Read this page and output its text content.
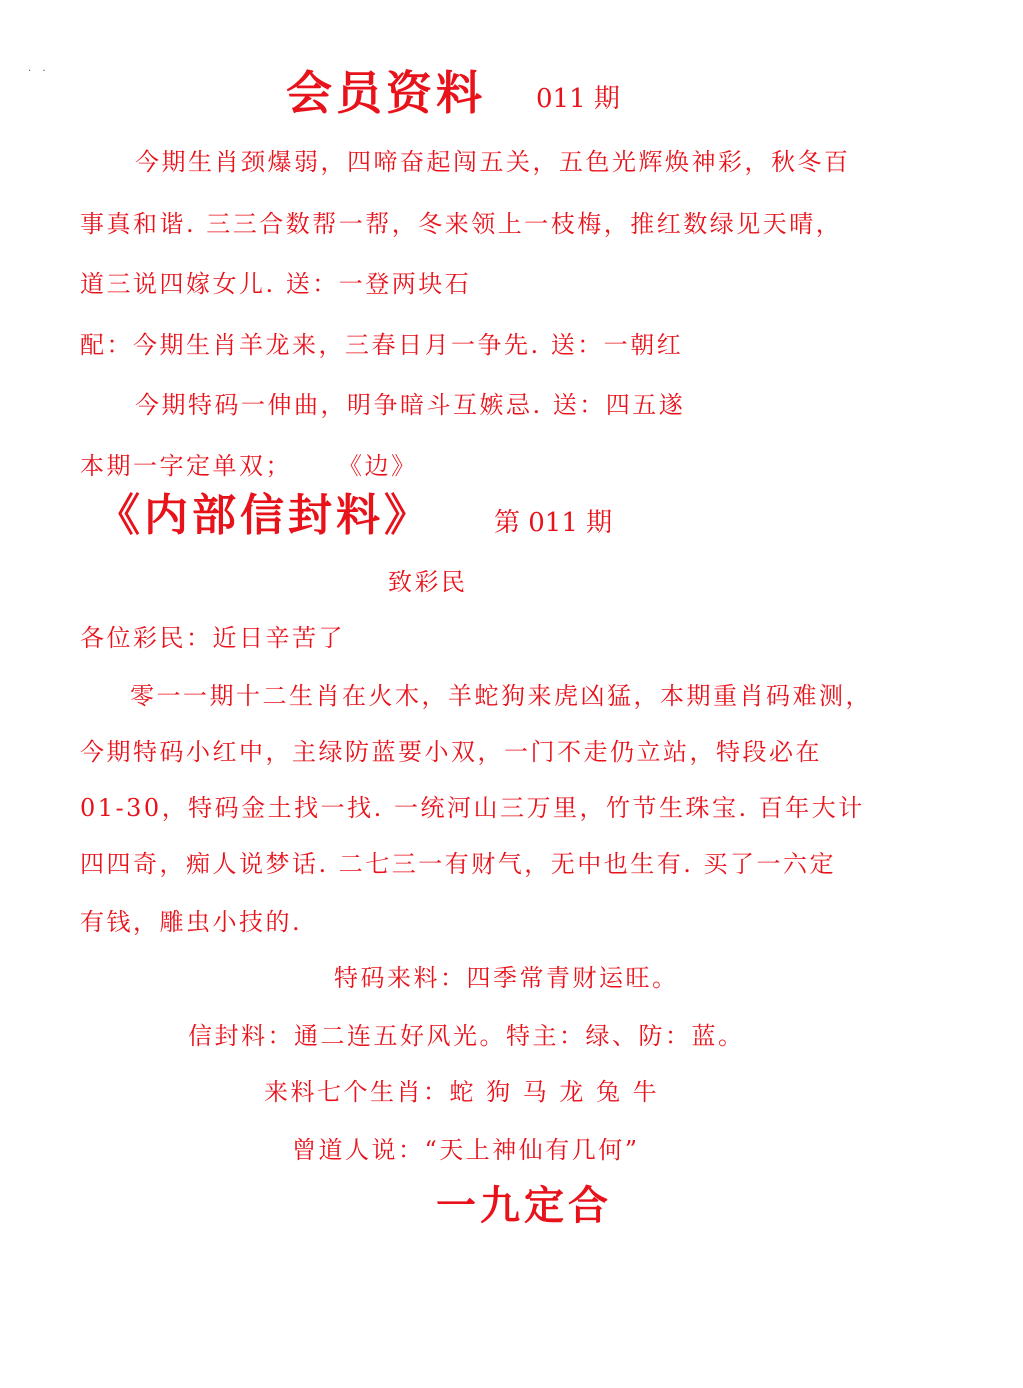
· ·	会员资料 011 期
今期生肖颈爆弱，四啼奋起闯五关，五色光辉焕神彩，秋冬百
事真和谐. 三三合数帮一帮，冬来领上一枝梅，推红数绿见天晴，
道三说四嫁女儿. 送：一登两块石
配：今期生肖羊龙来，三春日月一争先. 送：一朝红
今期特码一伸曲，明争暗斗互嫉忌. 送：四五遂
本期一字定单双； 《边》
《内部信封料》 第 011 期
致彩民
各位彩民：近日辛苦了
零一一期十二生肖在火木，羊蛇狗来虎凶猛，本期重肖码难测，
今期特码小红中，主绿防蓝要小双，一门不走仍立站，特段必在
01-30，特码金土找一找. 一统河山三万里，竹节生珠宝. 百年大计
四四奇，痴人说梦话. 二七三一有财气，无中也生有. 买了一六定
有钱，雕虫小技的.
特码来料：四季常青财运旺。
信封料：通二连五好风光。特主：绿、防：蓝。
来料七个生肖：蛇 狗 马 龙 兔 牛
曾道人说：“天上神仙有几何”
一九定合
